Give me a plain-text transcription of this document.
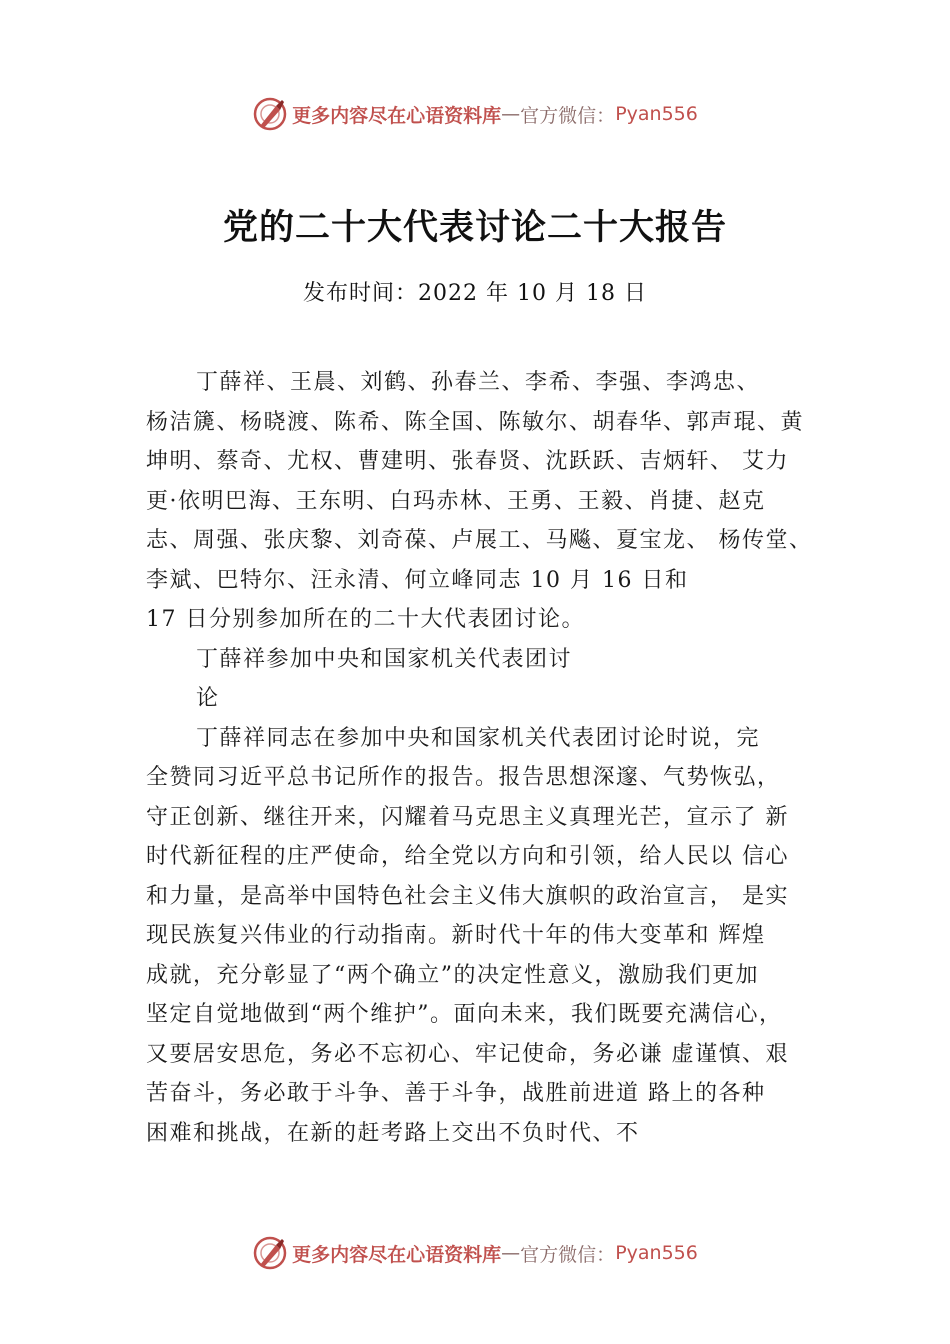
更多内容尽在心语资料库 — 官方微信： Pyan556
党的二十大代表讨论二十大报告
发布时间：2022 年 10 月 18 日
丁薛祥、王晨、刘鹤、孙春兰、李希、李强、李鸿忠、
杨洁篪、杨晓渡、陈希、陈全国、陈敏尔、胡春华、郭声琨、黄
坤明、蔡奇、尤权、曹建明、张春贤、沈跃跃、吉炳轩、 艾力
更·依明巴海、王东明、白玛赤林、王勇、王毅、肖捷、赵克
志、周强、张庆黎、刘奇葆、卢展工、马飚、夏宝龙、 杨传堂、
李斌、巴特尔、汪永清、何立峰同志 10 月 16 日和
17 日分别参加所在的二十大代表团讨论。
丁薛祥参加中央和国家机关代表团讨
论
丁薛祥同志在参加中央和国家机关代表团讨论时说，完
全赞同习近平总书记所作的报告。报告思想深邃、气势恢弘，
守正创新、继往开来，闪耀着马克思主义真理光芒，宣示了 新
时代新征程的庄严使命，给全党以方向和引领，给人民以 信心
和力量，是高举中国特色社会主义伟大旗帜的政治宣言， 是实
现民族复兴伟业的行动指南。新时代十年的伟大变革和 辉煌
成就，充分彰显了“两个确立”的决定性意义，激励我们更加
坚定自觉地做到“两个维护”。面向未来，我们既要充满信心，
又要居安思危，务必不忘初心、牢记使命，务必谦 虚谨慎、艰
苦奋斗，务必敢于斗争、善于斗争，战胜前进道 路上的各种
困难和挑战，在新的赶考路上交出不负时代、不
更多内容尽在心语资料库 — 官方微信： Pyan556
